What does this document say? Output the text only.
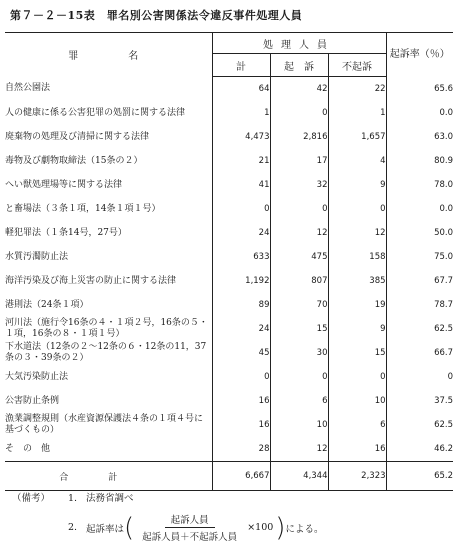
第７－２－15表　罪名別公害関係法令違反事件処理人員
罪　　名	処理人員			起訴率（％）
	計	起　訴	不起訴	
自然公園法	64	42	22	65.6
人の健康に係る公害犯罪の処罰に関する法律	1	0	1	0.0
廃棄物の処理及び清掃に関する法律	4,473	2,816	1,657	63.0
毒物及び劇物取締法（15条の２）	21	17	4	80.9
へい獣処理場等に関する法律	41	32	9	78.0
と畜場法（３条１項，14条１項１号）	0	0	0	0.0
軽犯罪法（１条14号，27号）	24	12	12	50.0
水質汚濁防止法	633	475	158	75.0
海洋汚染及び海上災害の防止に関する法律	1,192	807	385	67.7
港則法（24条１項）	89	70	19	78.7
河川法（施行令16条の４・１項２号，16条の５・１項，16条の８・１項１号）	24	15	9	62.5
下水道法（12条の２～12条の６・12条の11，37条の３・39条の２）	45	30	15	66.7
大気汚染防止法	0	0	0	0
公害防止条例	16	6	10	37.5
漁業調整規則（水産資源保護法４条の１項４号に基づくもの）	16	10	6	62.5
そ　の　他	28	12	16	46.2
合計	6,667	4,344	2,323	65.2
（備考） 1. 法務省調べ
2. 起訴率は ( $\frac{\text{起訴人員}}{\text{起訴人員＋不起訴人員}} \times 100$ ) による。
